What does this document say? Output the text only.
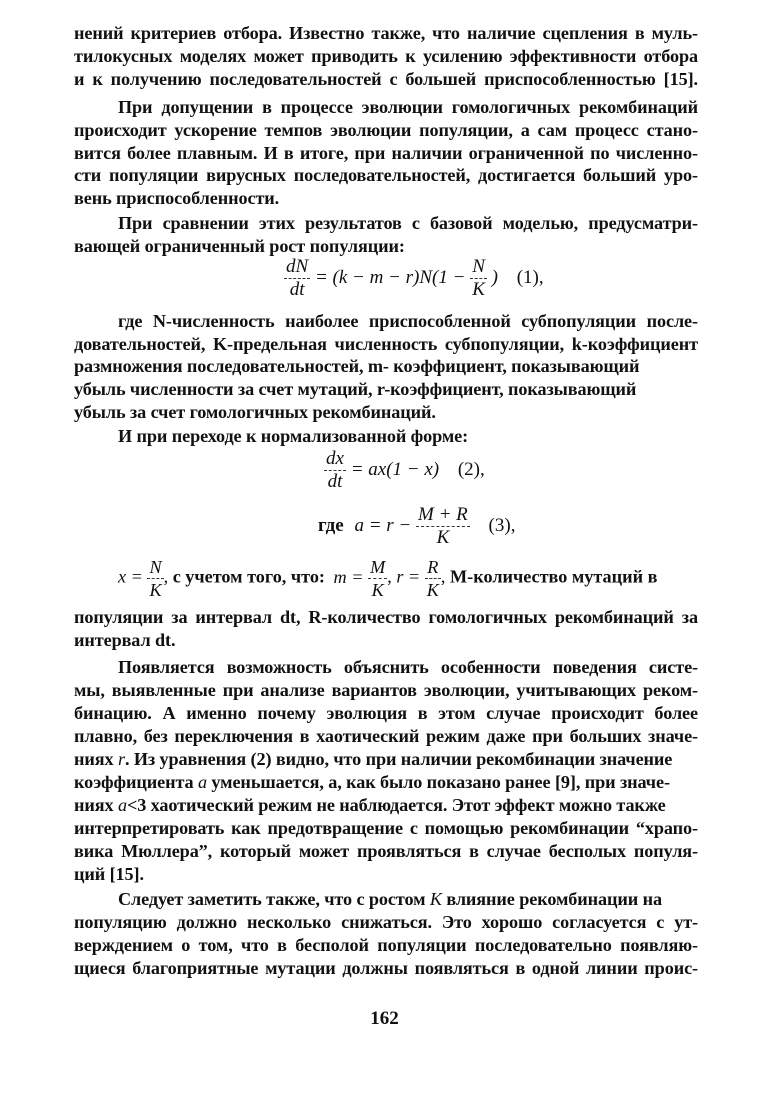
нений критериев отбора. Известно также, что наличие сцепления в муль-
тилокусных моделях может приводить к усилению эффективности отбора
и к получению последовательностей с большей приспособленностью [15].
При допущении в процессе эволюции гомологичных рекомбинаций
происходит ускорение темпов эволюции популяции, а сам процесс стано-
вится более плавным. И в итоге, при наличии ограниченной по численно-
сти популяции вирусных последовательностей, достигается больший уро-
вень приспособленности.
При сравнении этих результатов с базовой моделью, предусматри-
вающей ограниченный рост популяции:
$\frac{dN}{dt} = (k - m - r)N(1 - \frac{N}{K}$ ) (1),
где N-численность наиболее приспособленной субпопуляции после-
довательностей, K-предельная численность субпопуляции, k-коэффициент
размножения последовательностей, m- коэффициент, показывающий
убыль численности за счет мутаций, r-коэффициент, показывающий
убыль за счет гомологичных рекомбинаций.
И при переходе к нормализованной форме:
$\frac{dx}{dt} = ax(1 - x)$ (2),
где $a = r - \frac{M + R}{K} (3)$,
$x = \frac{N}{K}$ , с учетом того, что: $m = \frac{M}{K}$ , $r = \frac{R}{K}$ , M-количество мутаций в
популяции за интервал dt, R-количество гомологичных рекомбинаций за
интервал dt.
Появляется возможность объяснить особенности поведения систе-
мы, выявленные при анализе вариантов эволюции, учитывающих реком-
бинацию. А именно почему эволюция в этом случае происходит более
плавно, без переключения в хаотический режим даже при больших значе-
ниях r. Из уравнения (2) видно, что при наличии рекомбинации значение
коэффициента a уменьшается, а, как было показано ранее [9], при значе-
ниях a<3 хаотический режим не наблюдается. Этот эффект можно также
интерпретировать как предотвращение с помощью рекомбинации “храпо-
вика Мюллера”, который может проявляться в случае бесполых популя-
ций [15].
Следует заметить также, что с ростом K влияние рекомбинации на
популяцию должно несколько снижаться. Это хорошо согласуется с ут-
верждением о том, что в бесполой популяции последовательно появляю-
щиеся благоприятные мутации должны появляться в одной линии проис-
162
